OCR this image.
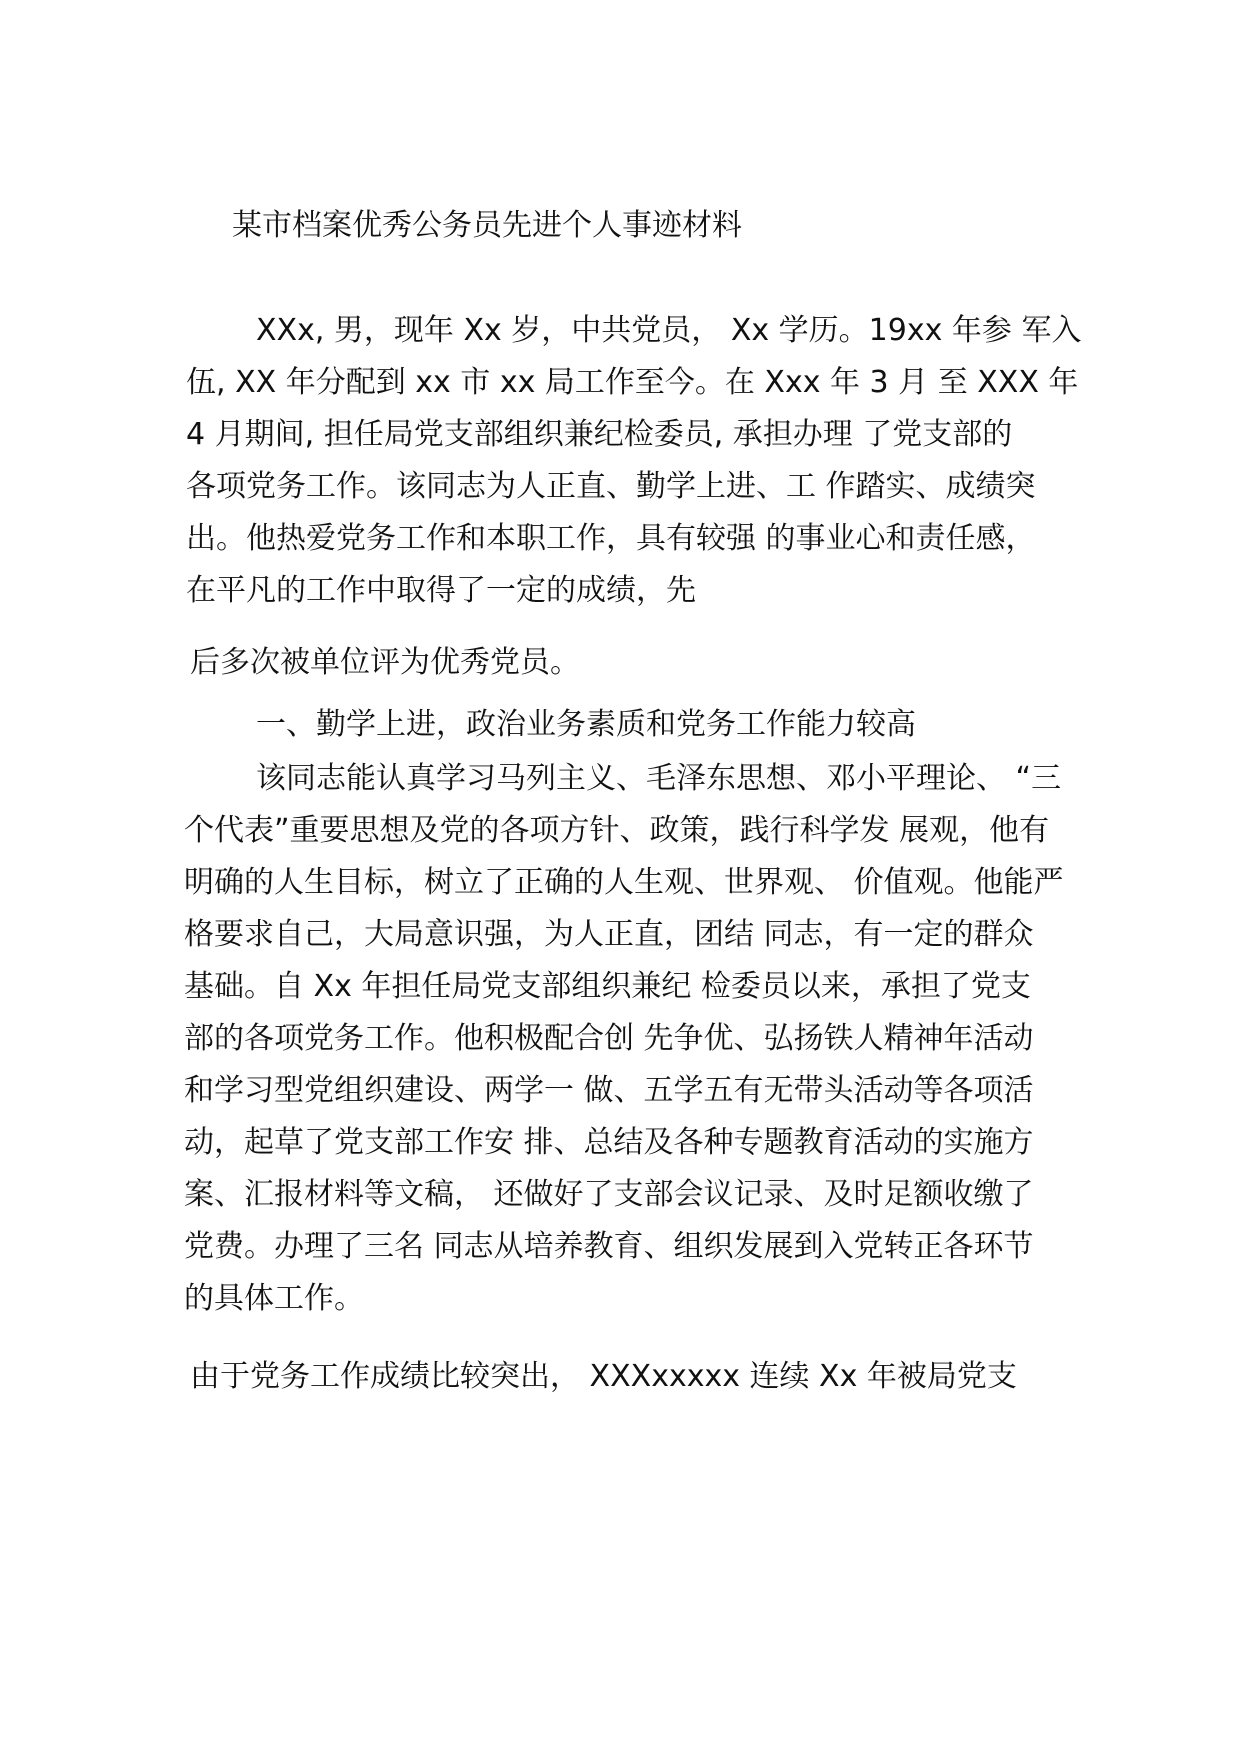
某市档案优秀公务员先进个人事迹材料
XXx, 男，现年 Xx 岁，中共党员， Xx 学历。19xx 年参 军入
伍, XX 年分配到 xx 市 xx 局工作至今。在 Xxx 年 3 月 至 XXX 年
4 月期间, 担任局党支部组织兼纪检委员, 承担办理 了党支部的
各项党务工作。该同志为人正直、勤学上进、工 作踏实、成绩突
出。他热爱党务工作和本职工作，具有较强 的事业心和责任感，
在平凡的工作中取得了一定的成绩，先
后多次被单位评为优秀党员。
一、勤学上进，政治业务素质和党务工作能力较高
该同志能认真学习马列主义、毛泽东思想、邓小平理论、 “三
个代表”重要思想及党的各项方针、政策，践行科学发 展观，他有
明确的人生目标，树立了正确的人生观、世界观、 价值观。他能严
格要求自己，大局意识强，为人正直，团结 同志，有一定的群众
基础。自 Xx 年担任局党支部组织兼纪 检委员以来，承担了党支
部的各项党务工作。他积极配合创 先争优、弘扬铁人精神年活动
和学习型党组织建设、两学一 做、五学五有无带头活动等各项活
动，起草了党支部工作安 排、总结及各种专题教育活动的实施方
案、汇报材料等文稿， 还做好了支部会议记录、及时足额收缴了
党费。办理了三名 同志从培养教育、组织发展到入党转正各环节
的具体工作。
由于党务工作成绩比较突出， XXXxxxxx 连续 Xx 年被局党支
